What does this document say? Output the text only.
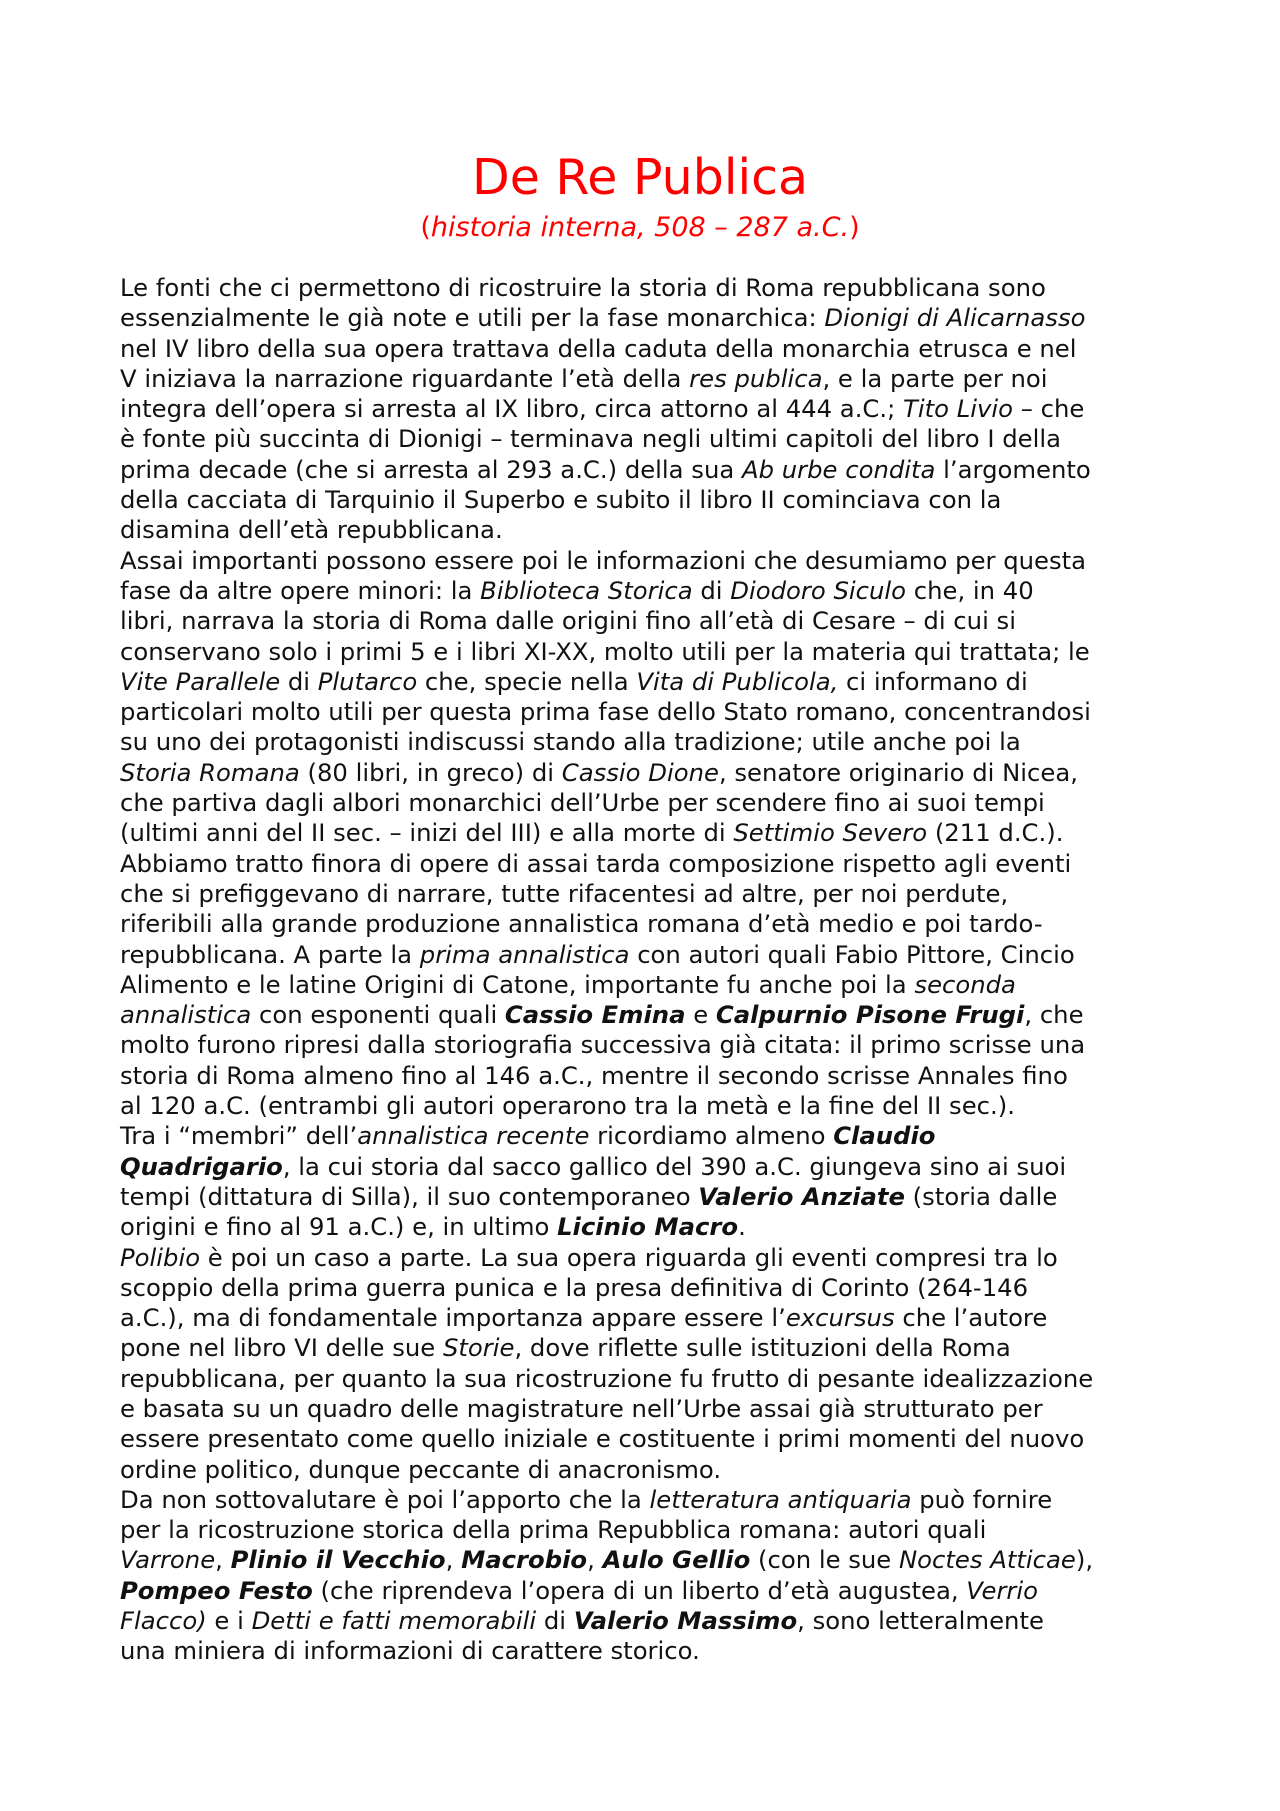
De Re Publica
(historia interna, 508 – 287 a.C.)
Le fonti che ci permettono di ricostruire la storia di Roma repubblicana sono
essenzialmente le già note e utili per la fase monarchica: Dionigi di Alicarnasso
nel IV libro della sua opera trattava della caduta della monarchia etrusca e nel
V iniziava la narrazione riguardante l’età della res publica, e la parte per noi
integra dell’opera si arresta al IX libro, circa attorno al 444 a.C.; Tito Livio – che
è fonte più succinta di Dionigi – terminava negli ultimi capitoli del libro I della
prima decade (che si arresta al 293 a.C.) della sua Ab urbe condita l’argomento
della cacciata di Tarquinio il Superbo e subito il libro II cominciava con la
disamina dell’età repubblicana.
Assai importanti possono essere poi le informazioni che desumiamo per questa
fase da altre opere minori: la Biblioteca Storica di Diodoro Siculo che, in 40
libri, narrava la storia di Roma dalle origini fino all’età di Cesare – di cui si
conservano solo i primi 5 e i libri XI-XX, molto utili per la materia qui trattata; le
Vite Parallele di Plutarco che, specie nella Vita di Publicola, ci informano di
particolari molto utili per questa prima fase dello Stato romano, concentrandosi
su uno dei protagonisti indiscussi stando alla tradizione; utile anche poi la
Storia Romana (80 libri, in greco) di Cassio Dione, senatore originario di Nicea,
che partiva dagli albori monarchici dell’Urbe per scendere fino ai suoi tempi
(ultimi anni del II sec. – inizi del III) e alla morte di Settimio Severo (211 d.C.).
Abbiamo tratto finora di opere di assai tarda composizione rispetto agli eventi
che si prefiggevano di narrare, tutte rifacentesi ad altre, per noi perdute,
riferibili alla grande produzione annalistica romana d’età medio e poi tardo-
repubblicana. A parte la prima annalistica con autori quali Fabio Pittore, Cincio
Alimento e le latine Origini di Catone, importante fu anche poi la seconda
annalistica con esponenti quali Cassio Emina e Calpurnio Pisone Frugi, che
molto furono ripresi dalla storiografia successiva già citata: il primo scrisse una
storia di Roma almeno fino al 146 a.C., mentre il secondo scrisse Annales fino
al 120 a.C. (entrambi gli autori operarono tra la metà e la fine del II sec.).
Tra i “membri” dell’annalistica recente ricordiamo almeno Claudio
Quadrigario, la cui storia dal sacco gallico del 390 a.C. giungeva sino ai suoi
tempi (dittatura di Silla), il suo contemporaneo Valerio Anziate (storia dalle
origini e fino al 91 a.C.) e, in ultimo Licinio Macro.
Polibio è poi un caso a parte. La sua opera riguarda gli eventi compresi tra lo
scoppio della prima guerra punica e la presa definitiva di Corinto (264-146
a.C.), ma di fondamentale importanza appare essere l’excursus che l’autore
pone nel libro VI delle sue Storie, dove riflette sulle istituzioni della Roma
repubblicana, per quanto la sua ricostruzione fu frutto di pesante idealizzazione
e basata su un quadro delle magistrature nell’Urbe assai già strutturato per
essere presentato come quello iniziale e costituente i primi momenti del nuovo
ordine politico, dunque peccante di anacronismo.
Da non sottovalutare è poi l’apporto che la letteratura antiquaria può fornire
per la ricostruzione storica della prima Repubblica romana: autori quali
Varrone, Plinio il Vecchio, Macrobio, Aulo Gellio (con le sue Noctes Atticae),
Pompeo Festo (che riprendeva l’opera di un liberto d’età augustea, Verrio
Flacco) e i Detti e fatti memorabili di Valerio Massimo, sono letteralmente
una miniera di informazioni di carattere storico.
